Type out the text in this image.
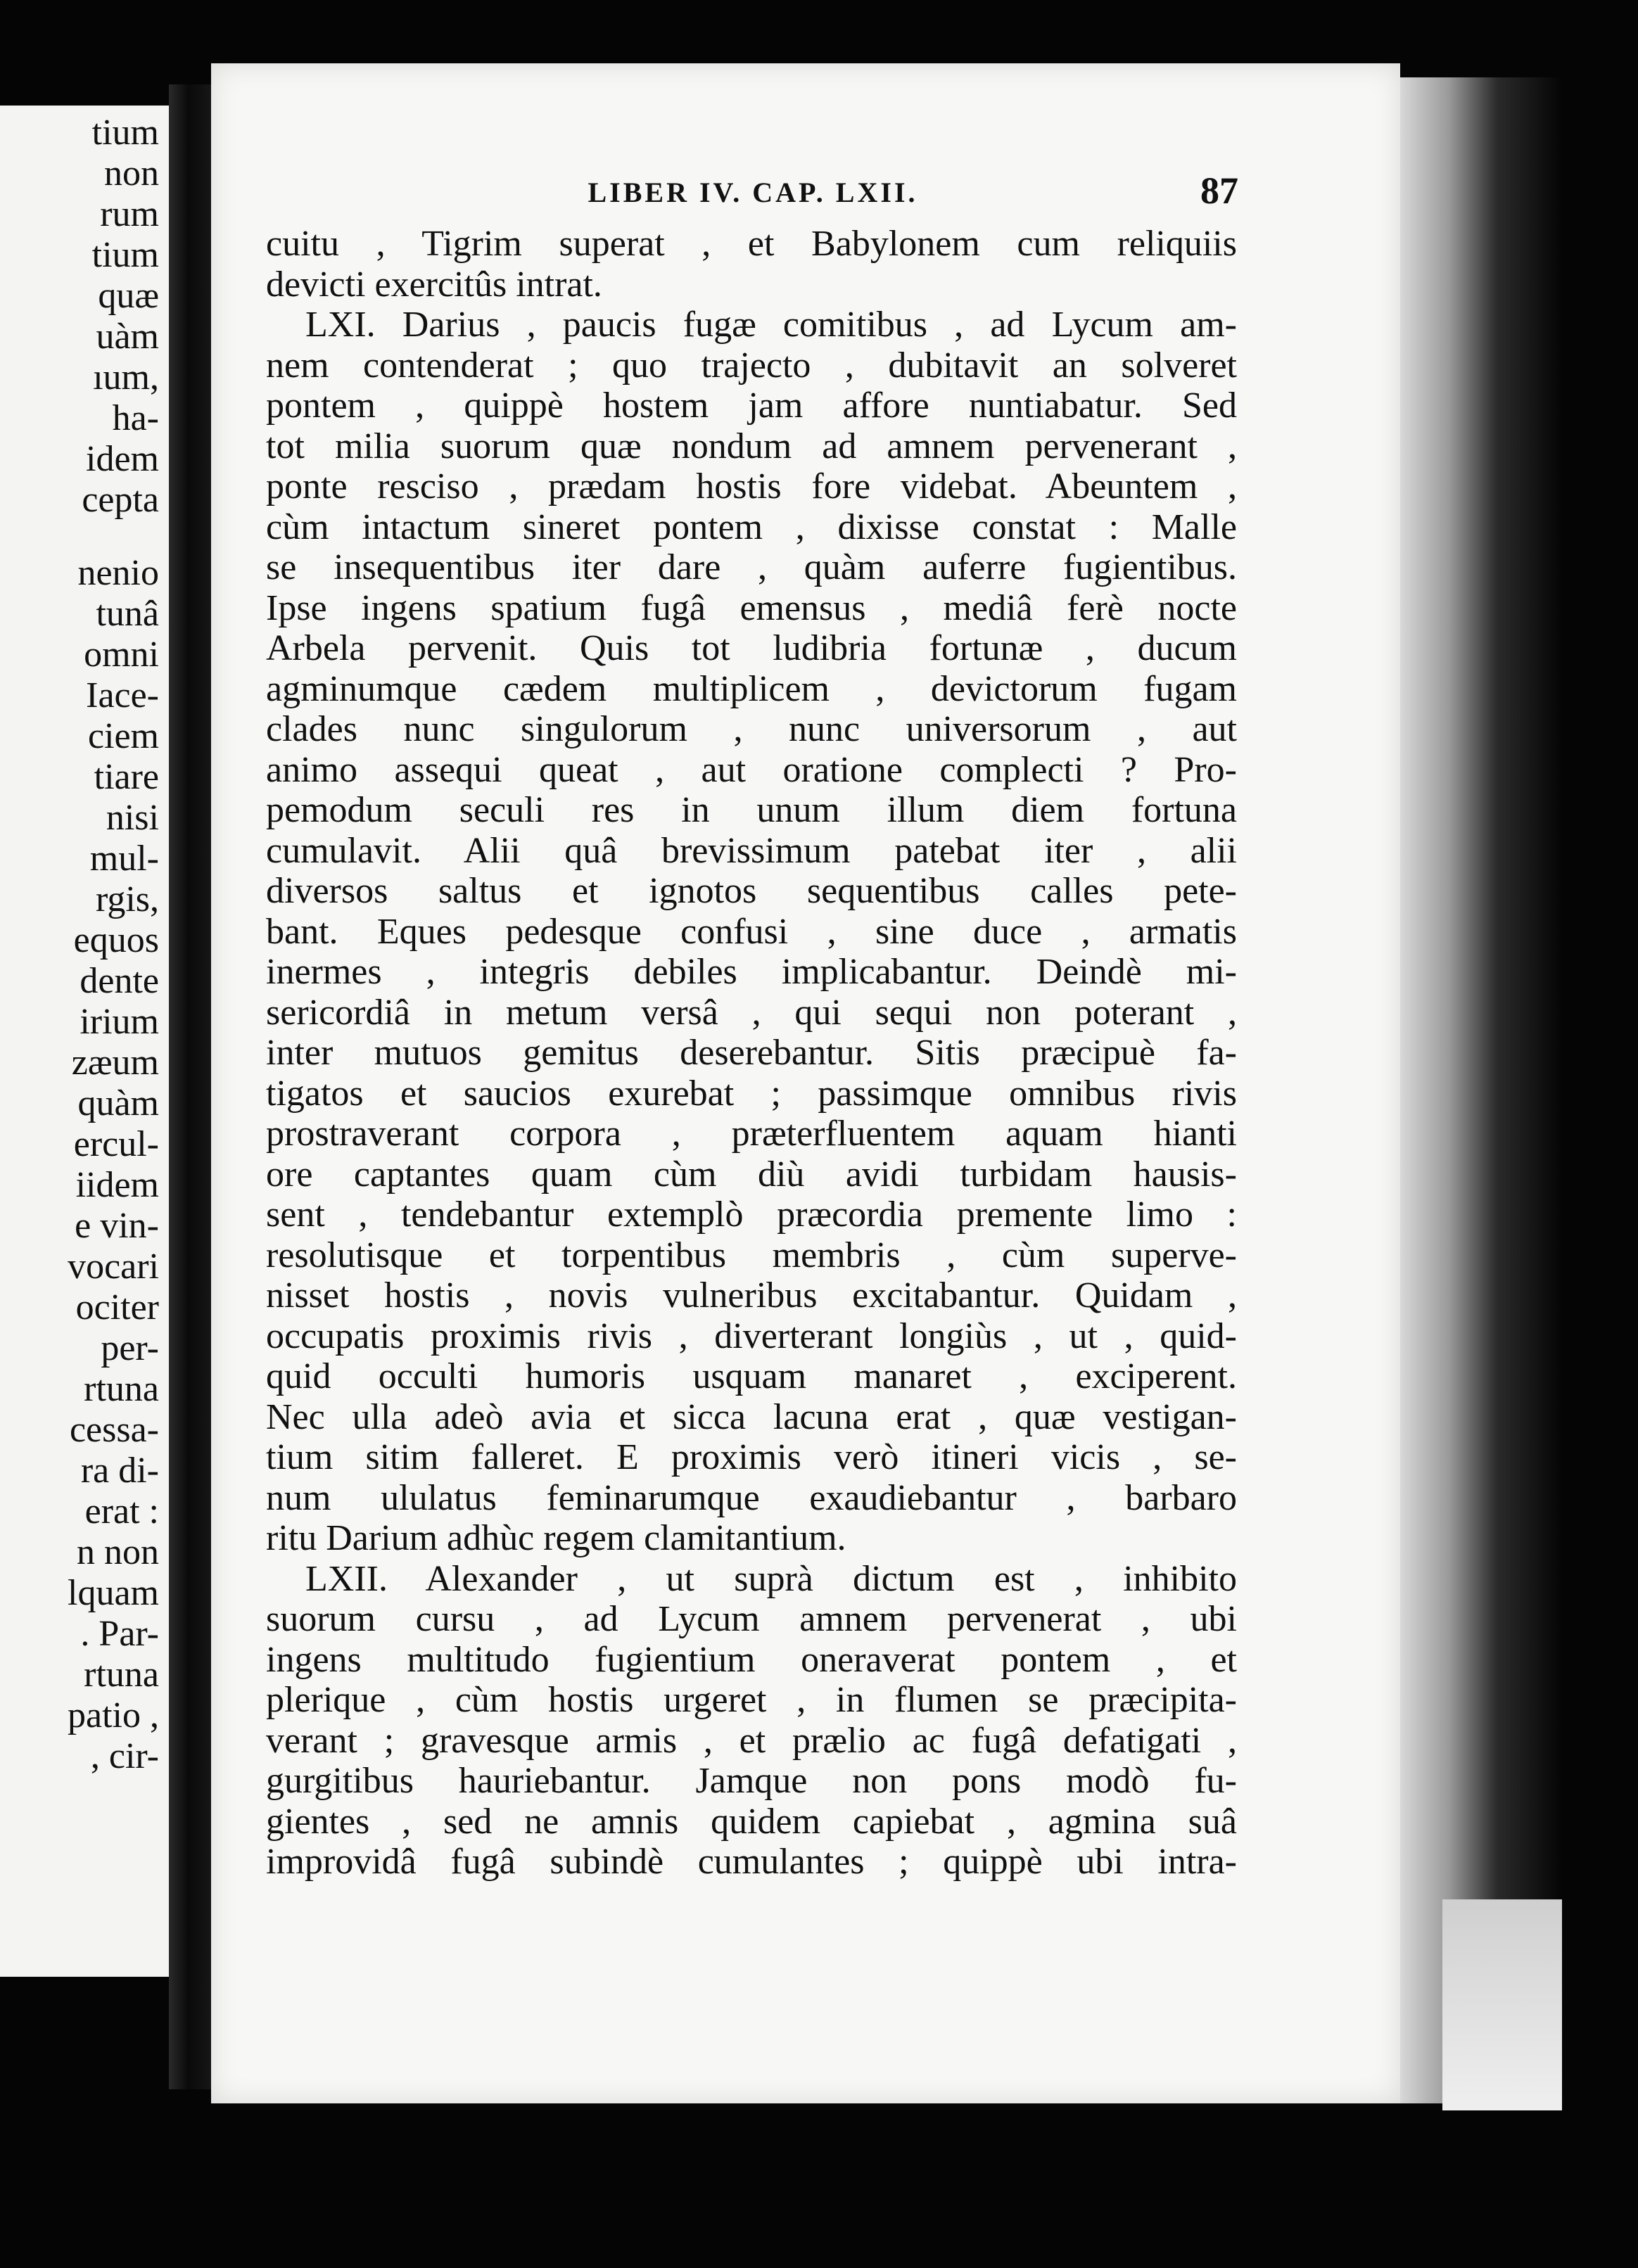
tium
non
rum
tium
quæ
uàm
ıum,
ha-
idem
cepta
nenio
tunâ
omni
Iace-
ciem
tiare
nisi
mul-
rgis,
equos
dente
irium
zæum
quàm
ercul-
iidem
e vin-
vocari
ociter
per-
rtuna
cessa-
ra di-
erat :
n non
lquam
. Par-
rtuna
patio ,
, cir-
LIBER IV. CAP. LXII.	87
cuitu , Tigrim superat , et Babylonem cum reliquiis
devicti exercitûs intrat.
LXI. Darius , paucis fugæ comitibus , ad Lycum am-
nem contenderat ; quo trajecto , dubitavit an solveret
pontem , quippè hostem jam affore nuntiabatur. Sed
tot milia suorum quæ nondum ad amnem pervenerant ,
ponte resciso , prædam hostis fore videbat. Abeuntem ,
cùm intactum sineret pontem , dixisse constat : Malle
se insequentibus iter dare , quàm auferre fugientibus.
Ipse ingens spatium fugâ emensus , mediâ ferè nocte
Arbela pervenit. Quis tot ludibria fortunæ , ducum
agminumque cædem multiplicem , devictorum fugam
clades nunc singulorum , nunc universorum , aut
animo assequi queat , aut oratione complecti ? Pro-
pemodum seculi res in unum illum diem fortuna
cumulavit. Alii quâ brevissimum patebat iter , alii
diversos saltus et ignotos sequentibus calles pete-
bant. Eques pedesque confusi , sine duce , armatis
inermes , integris debiles implicabantur. Deindè mi-
sericordiâ in metum versâ , qui sequi non poterant ,
inter mutuos gemitus deserebantur. Sitis præcipuè fa-
tigatos et saucios exurebat ; passimque omnibus rivis
prostraverant corpora , præterfluentem aquam hianti
ore captantes quam cùm diù avidi turbidam hausis-
sent , tendebantur extemplò præcordia premente limo :
resolutisque et torpentibus membris , cùm superve-
nisset hostis , novis vulneribus excitabantur. Quidam ,
occupatis proximis rivis , diverterant longiùs , ut , quid-
quid occulti humoris usquam manaret , exciperent.
Nec ulla adeò avia et sicca lacuna erat , quæ vestigan-
tium sitim falleret. E proximis verò itineri vicis , se-
num ululatus feminarumque exaudiebantur , barbaro
ritu Darium adhùc regem clamitantium.
LXII. Alexander , ut suprà dictum est , inhibito
suorum cursu , ad Lycum amnem pervenerat , ubi
ingens multitudo fugientium oneraverat pontem , et
plerique , cùm hostis urgeret , in flumen se præcipita-
verant ; gravesque armis , et prælio ac fugâ defatigati ,
gurgitibus hauriebantur. Jamque non pons modò fu-
gientes , sed ne amnis quidem capiebat , agmina suâ
improvidâ fugâ subindè cumulantes ; quippè ubi intra-
